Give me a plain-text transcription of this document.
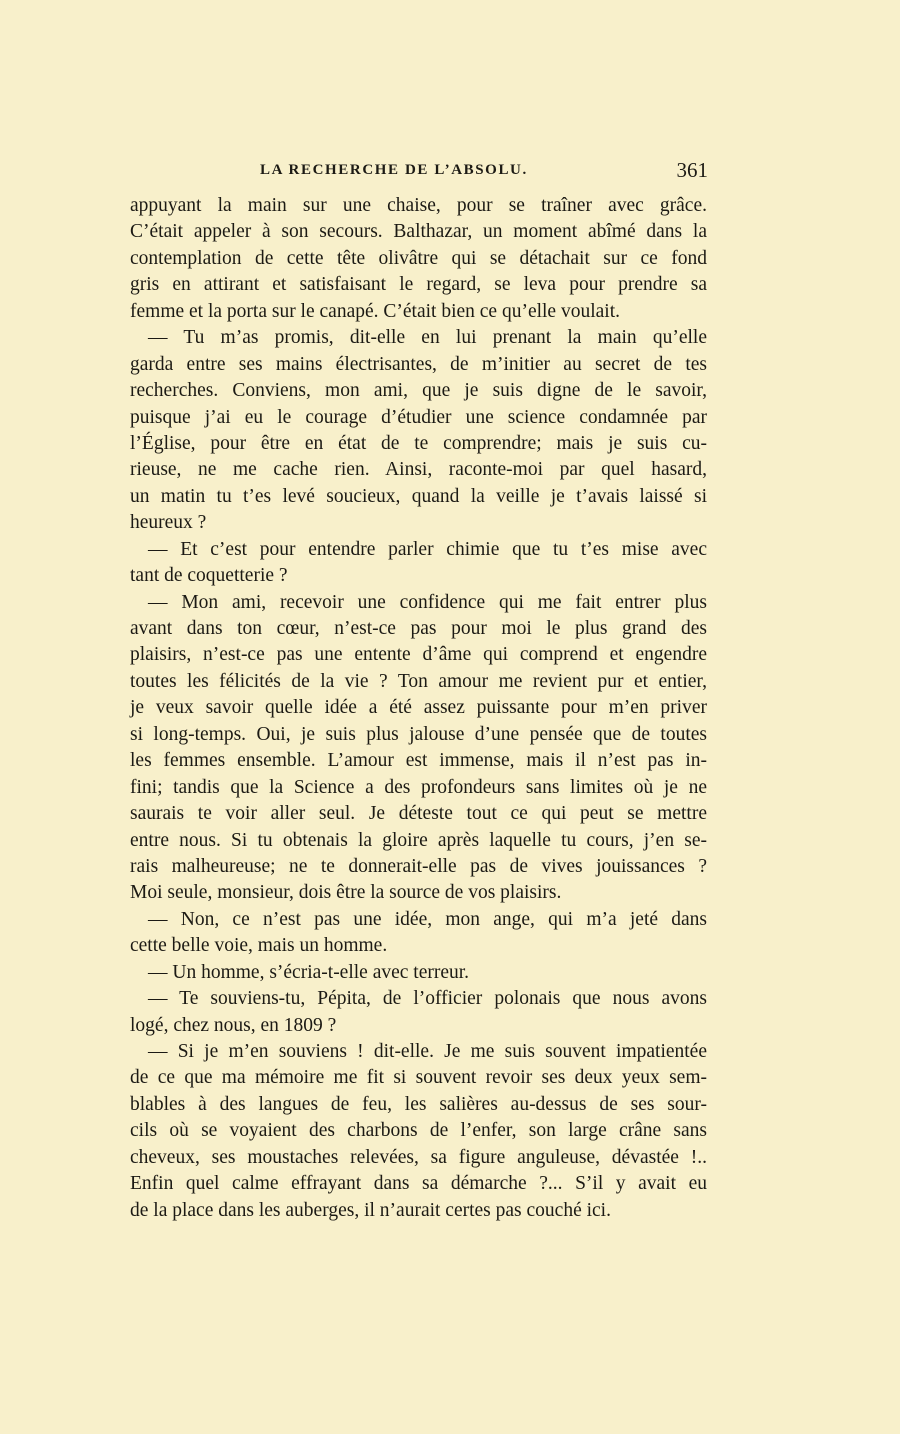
LA RECHERCHE DE L’ABSOLU.	361
appuyant la main sur une chaise, pour se traîner avec grâce.
C’était appeler à son secours. Balthazar, un moment abîmé dans la
contemplation de cette tête olivâtre qui se détachait sur ce fond
gris en attirant et satisfaisant le regard, se leva pour prendre sa
femme et la porta sur le canapé. C’était bien ce qu’elle voulait.
— Tu m’as promis, dit-elle en lui prenant la main qu’elle
garda entre ses mains électrisantes, de m’initier au secret de tes
recherches. Conviens, mon ami, que je suis digne de le savoir,
puisque j’ai eu le courage d’étudier une science condamnée par
l’Église, pour être en état de te comprendre; mais je suis cu-
rieuse, ne me cache rien. Ainsi, raconte-moi par quel hasard,
un matin tu t’es levé soucieux, quand la veille je t’avais laissé si
heureux ?
— Et c’est pour entendre parler chimie que tu t’es mise avec
tant de coquetterie ?
— Mon ami, recevoir une confidence qui me fait entrer plus
avant dans ton cœur, n’est-ce pas pour moi le plus grand des
plaisirs, n’est-ce pas une entente d’âme qui comprend et engendre
toutes les félicités de la vie ? Ton amour me revient pur et entier,
je veux savoir quelle idée a été assez puissante pour m’en priver
si long-temps. Oui, je suis plus jalouse d’une pensée que de toutes
les femmes ensemble. L’amour est immense, mais il n’est pas in-
fini; tandis que la Science a des profondeurs sans limites où je ne
saurais te voir aller seul. Je déteste tout ce qui peut se mettre
entre nous. Si tu obtenais la gloire après laquelle tu cours, j’en se-
rais malheureuse; ne te donnerait-elle pas de vives jouissances ?
Moi seule, monsieur, dois être la source de vos plaisirs.
— Non, ce n’est pas une idée, mon ange, qui m’a jeté dans
cette belle voie, mais un homme.
— Un homme, s’écria-t-elle avec terreur.
— Te souviens-tu, Pépita, de l’officier polonais que nous avons
logé, chez nous, en 1809 ?
— Si je m’en souviens ! dit-elle. Je me suis souvent impatientée
de ce que ma mémoire me fit si souvent revoir ses deux yeux sem-
blables à des langues de feu, les salières au-dessus de ses sour-
cils où se voyaient des charbons de l’enfer, son large crâne sans
cheveux, ses moustaches relevées, sa figure anguleuse, dévastée !..
Enfin quel calme effrayant dans sa démarche ?... S’il y avait eu
de la place dans les auberges, il n’aurait certes pas couché ici.
